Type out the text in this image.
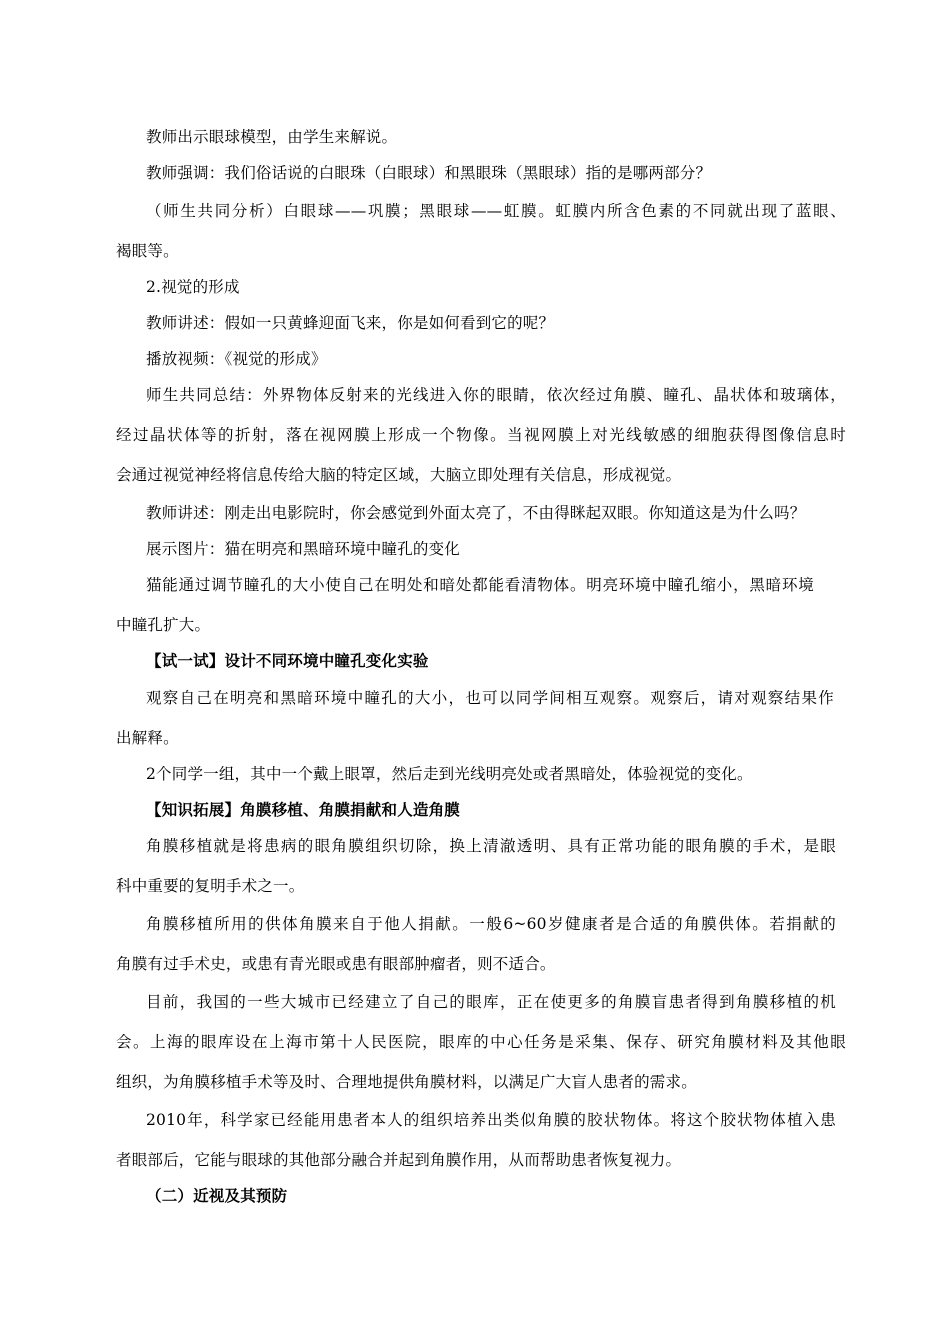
教师出示眼球模型，由学生来解说。
教师强调：我们俗话说的白眼珠（白眼球）和黑眼珠（黑眼球）指的是哪两部分？
（师生共同分析）白眼球——巩膜；黑眼球——虹膜。虹膜内所含色素的不同就出现了蓝眼、
褐眼等。
2.视觉的形成
教师讲述：假如一只黄蜂迎面飞来，你是如何看到它的呢？
播放视频：《视觉的形成》
师生共同总结：外界物体反射来的光线进入你的眼睛，依次经过角膜、瞳孔、晶状体和玻璃体，
经过晶状体等的折射，落在视网膜上形成一个物像。当视网膜上对光线敏感的细胞获得图像信息时
会通过视觉神经将信息传给大脑的特定区域，大脑立即处理有关信息，形成视觉。
教师讲述：刚走出电影院时，你会感觉到外面太亮了，不由得眯起双眼。你知道这是为什么吗？
展示图片：猫在明亮和黑暗环境中瞳孔的变化
猫能通过调节瞳孔的大小使自己在明处和暗处都能看清物体。明亮环境中瞳孔缩小，黑暗环境
中瞳孔扩大。
【试一试】设计不同环境中瞳孔变化实验
观察自己在明亮和黑暗环境中瞳孔的大小，也可以同学间相互观察。观察后，请对观察结果作
出解释。
2个同学一组，其中一个戴上眼罩，然后走到光线明亮处或者黑暗处，体验视觉的变化。
【知识拓展】角膜移植、角膜捐献和人造角膜
角膜移植就是将患病的眼角膜组织切除，换上清澈透明、具有正常功能的眼角膜的手术，是眼
科中重要的复明手术之一。
角膜移植所用的供体角膜来自于他人捐献。一般6~60岁健康者是合适的角膜供体。若捐献的
角膜有过手术史，或患有青光眼或患有眼部肿瘤者，则不适合。
目前，我国的一些大城市已经建立了自己的眼库，正在使更多的角膜盲患者得到角膜移植的机
会。上海的眼库设在上海市第十人民医院，眼库的中心任务是采集、保存、研究角膜材料及其他眼
组织，为角膜移植手术等及时、合理地提供角膜材料，以满足广大盲人患者的需求。
2010年，科学家已经能用患者本人的组织培养出类似角膜的胶状物体。将这个胶状物体植入患
者眼部后，它能与眼球的其他部分融合并起到角膜作用，从而帮助患者恢复视力。
（二）近视及其预防
